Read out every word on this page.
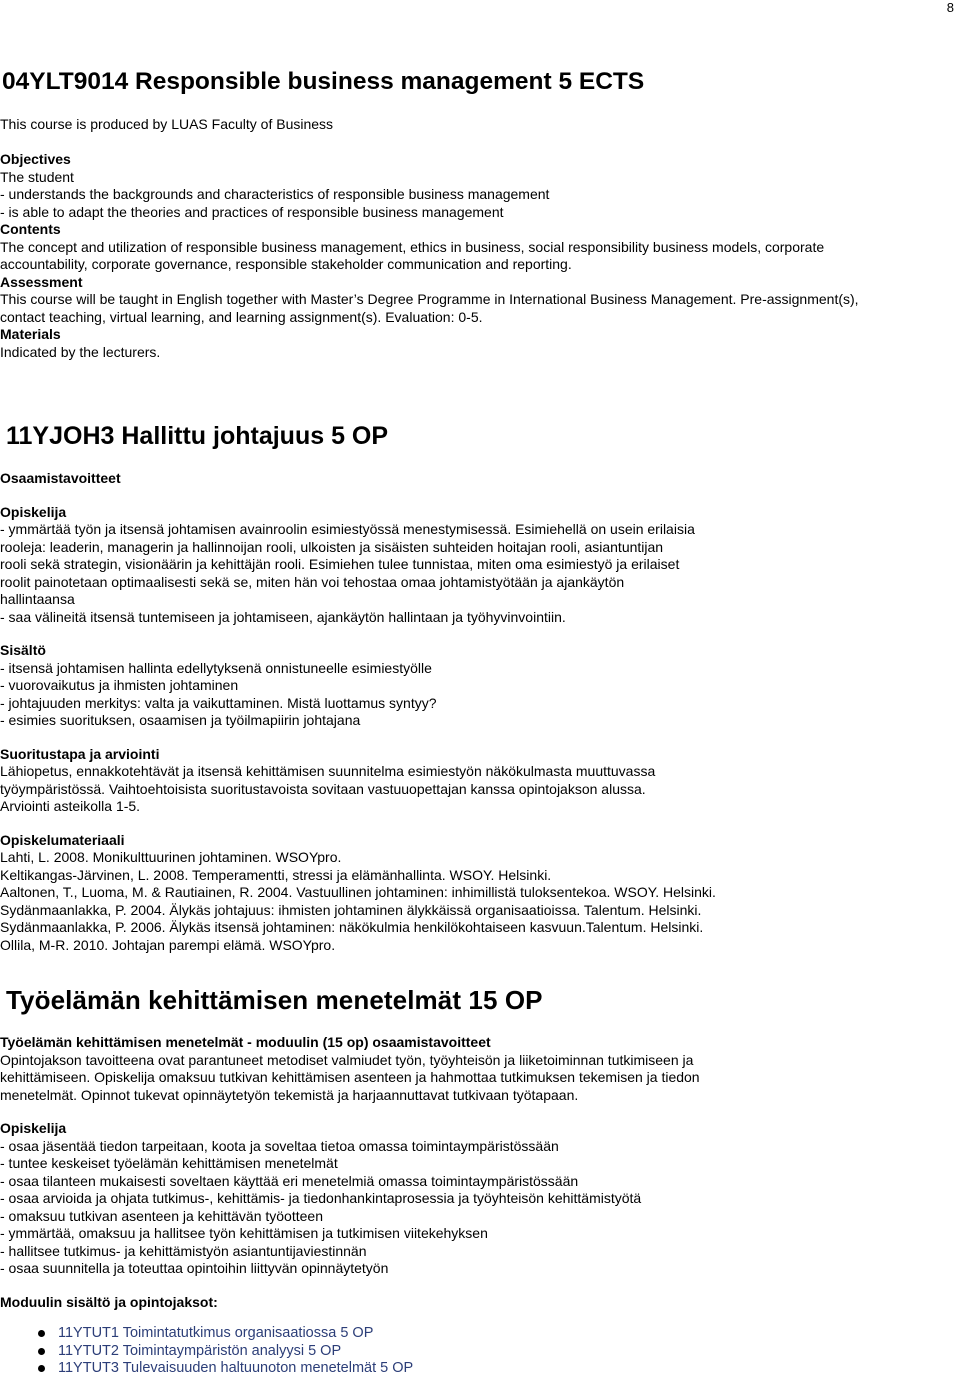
8
04YLT9014 Responsible business management 5 ECTS
This course is produced by LUAS Faculty of Business
Objectives
The student
- understands the backgrounds and characteristics of responsible business management
- is able to adapt the theories and practices of responsible business management
Contents
The concept and utilization of responsible business management, ethics in business, social responsibility business models, corporate
accountability, corporate governance, responsible stakeholder communication and reporting.
Assessment
This course will be taught in English together with Master’s Degree Programme in International Business Management. Pre-assignment(s),
contact teaching, virtual learning, and learning assignment(s). Evaluation: 0-5.
Materials
Indicated by the lecturers.
11YJOH3 Hallittu johtajuus 5 OP
Osaamistavoitteet
Opiskelija
- ymmärtää työn ja itsensä johtamisen avainroolin esimiestyössä menestymisessä. Esimiehellä on usein erilaisia
rooleja: leaderin, managerin ja hallinnoijan rooli, ulkoisten ja sisäisten suhteiden hoitajan rooli, asiantuntijan
rooli sekä strategin, visionäärin ja kehittäjän rooli. Esimiehen tulee tunnistaa, miten oma esimiestyö ja erilaiset
roolit painotetaan optimaalisesti sekä se, miten hän voi tehostaa omaa johtamistyötään ja ajankäytön
hallintaansa
- saa välineitä itsensä tuntemiseen ja johtamiseen, ajankäytön hallintaan ja työhyvinvointiin.
Sisältö
- itsensä johtamisen hallinta edellytyksenä onnistuneelle esimiestyölle
- vuorovaikutus ja ihmisten johtaminen
- johtajuuden merkitys: valta ja vaikuttaminen. Mistä luottamus syntyy?
- esimies suorituksen, osaamisen ja työilmapiirin johtajana
Suoritustapa ja arviointi
Lähiopetus, ennakkotehtävät ja itsensä kehittämisen suunnitelma esimiestyön näkökulmasta muuttuvassa
työympäristössä. Vaihtoehtoisista suoritustavoista sovitaan vastuuopettajan kanssa opintojakson alussa.
Arviointi asteikolla 1-5.
Opiskelumateriaali
Lahti, L. 2008. Monikulttuurinen johtaminen. WSOYpro.
Keltikangas-Järvinen, L. 2008. Temperamentti, stressi ja elämänhallinta. WSOY. Helsinki.
Aaltonen, T., Luoma, M. & Rautiainen, R. 2004. Vastuullinen johtaminen: inhimillistä tuloksentekoa. WSOY. Helsinki.
Sydänmaanlakka, P. 2004. Älykäs johtajuus: ihmisten johtaminen älykkäissä organisaatioissa. Talentum. Helsinki.
Sydänmaanlakka, P. 2006. Älykäs itsensä johtaminen: näkökulmia henkilökohtaiseen kasvuun.Talentum. Helsinki.
Ollila, M-R. 2010. Johtajan parempi elämä. WSOYpro.
Työelämän kehittämisen menetelmät 15 OP
Työelämän kehittämisen menetelmät - moduulin (15 op) osaamistavoitteet
Opintojakson tavoitteena ovat parantuneet metodiset valmiudet työn, työyhteisön ja liiketoiminnan tutkimiseen ja
kehittämiseen. Opiskelija omaksuu tutkivan kehittämisen asenteen ja hahmottaa tutkimuksen tekemisen ja tiedon
menetelmät. Opinnot tukevat opinnäytetyön tekemistä ja harjaannuttavat tutkivaan työtapaan.
Opiskelija
- osaa jäsentää tiedon tarpeitaan, koota ja soveltaa tietoa omassa toimintaympäristössään
- tuntee keskeiset työelämän kehittämisen menetelmät
- osaa tilanteen mukaisesti soveltaen käyttää eri menetelmiä omassa toimintaympäristössään
- osaa arvioida ja ohjata tutkimus-, kehittämis- ja tiedonhankintaprosessia ja työyhteisön kehittämistyötä
- omaksuu tutkivan asenteen ja kehittävän työotteen
- ymmärtää, omaksuu ja hallitsee työn kehittämisen ja tutkimisen viitekehyksen
- hallitsee tutkimus- ja kehittämistyön asiantuntijaviestinnän
- osaa suunnitella ja toteuttaa opintoihin liittyvän opinnäytetyön
Moduulin sisältö ja opintojaksot:
11YTUT1 Toimintatutkimus organisaatiossa 5 OP
11YTUT2 Toimintaympäristön analyysi 5 OP
11YTUT3 Tulevaisuuden haltuunoton menetelmät 5 OP
